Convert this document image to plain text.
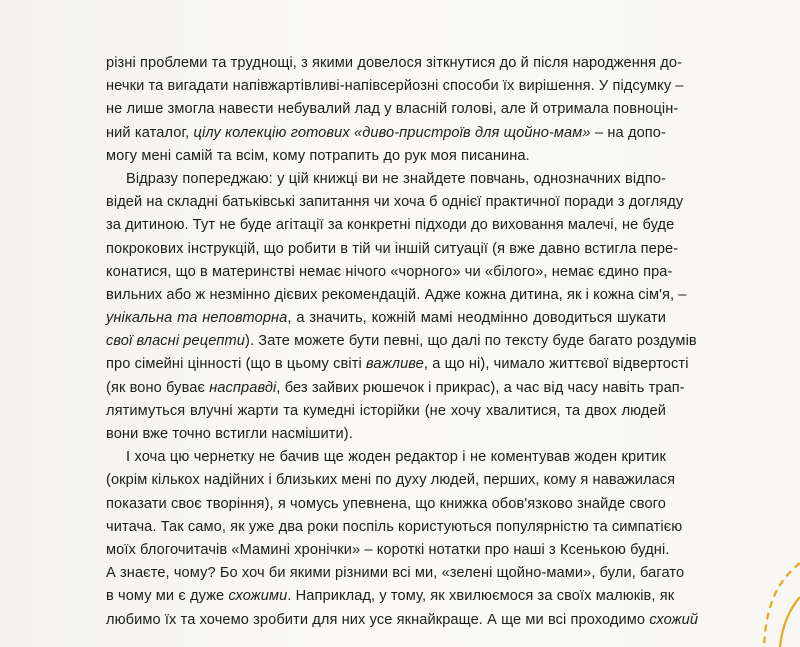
різні проблеми та труднощі, з якими довелося зіткнутися до й після народження до-
нечки та вигадати напівжартівливі-напівсерйозні способи їх вирішення. У підсумку –
не лише змогла навести небувалий лад у власній голові, але й отримала повноцін-
ний каталог, цілу колекцію готових «диво-пристроїв для щойно-мам» – на допо-
могу мені самій та всім, кому потрапить до рук моя писанина.
Відразу попереджаю: у цій книжці ви не знайдете повчань, однозначних відпо-
відей на складні батьківські запитання чи хоча б однієї практичної поради з догляду
за дитиною. Тут не буде агітації за конкретні підходи до виховання малечі, не буде
покрокових інструкцій, що робити в тій чи іншій ситуації (я вже давно встигла пере-
конатися, що в материнстві немає нічого «чорного» чи «білого», немає єдино пра-
вильних або ж незмінно дієвих рекомендацій. Адже кожна дитина, як і кожна сім'я, –
унікальна та неповторна, а значить, кожній мамі неодмінно доводиться шукати
свої власні рецепти). Зате можете бути певні, що далі по тексту буде багато роздумів
про сімейні цінності (що в цьому світі важливе, а що ні), чимало життєвої відвертості
(як воно буває насправді, без зайвих рюшечок і прикрас), а час від часу навіть трап-
лятимуться влучні жарти та кумедні історійки (не хочу хвалитися, та двох людей
вони вже точно встигли насмішити).
І хоча цю чернетку не бачив ще жоден редактор і не коментував жоден критик
(окрім кількох надійних і близьких мені по духу людей, перших, кому я наважилася
показати своє творіння), я чомусь упевнена, що книжка обов'язково знайде свого
читача. Так само, як уже два роки поспіль користуються популярністю та симпатією
моїх блогочитачів «Мамині хронічки» – короткі нотатки про наші з Ксенькою будні.
А знаєте, чому? Бо хоч би якими різними всі ми, «зелені щойно-мами», були, багато
в чому ми є дуже схожими. Наприклад, у тому, як хвилюємося за своїх малюків, як
любимо їх та хочемо зробити для них усе якнайкраще. А ще ми всі проходимо схожий
